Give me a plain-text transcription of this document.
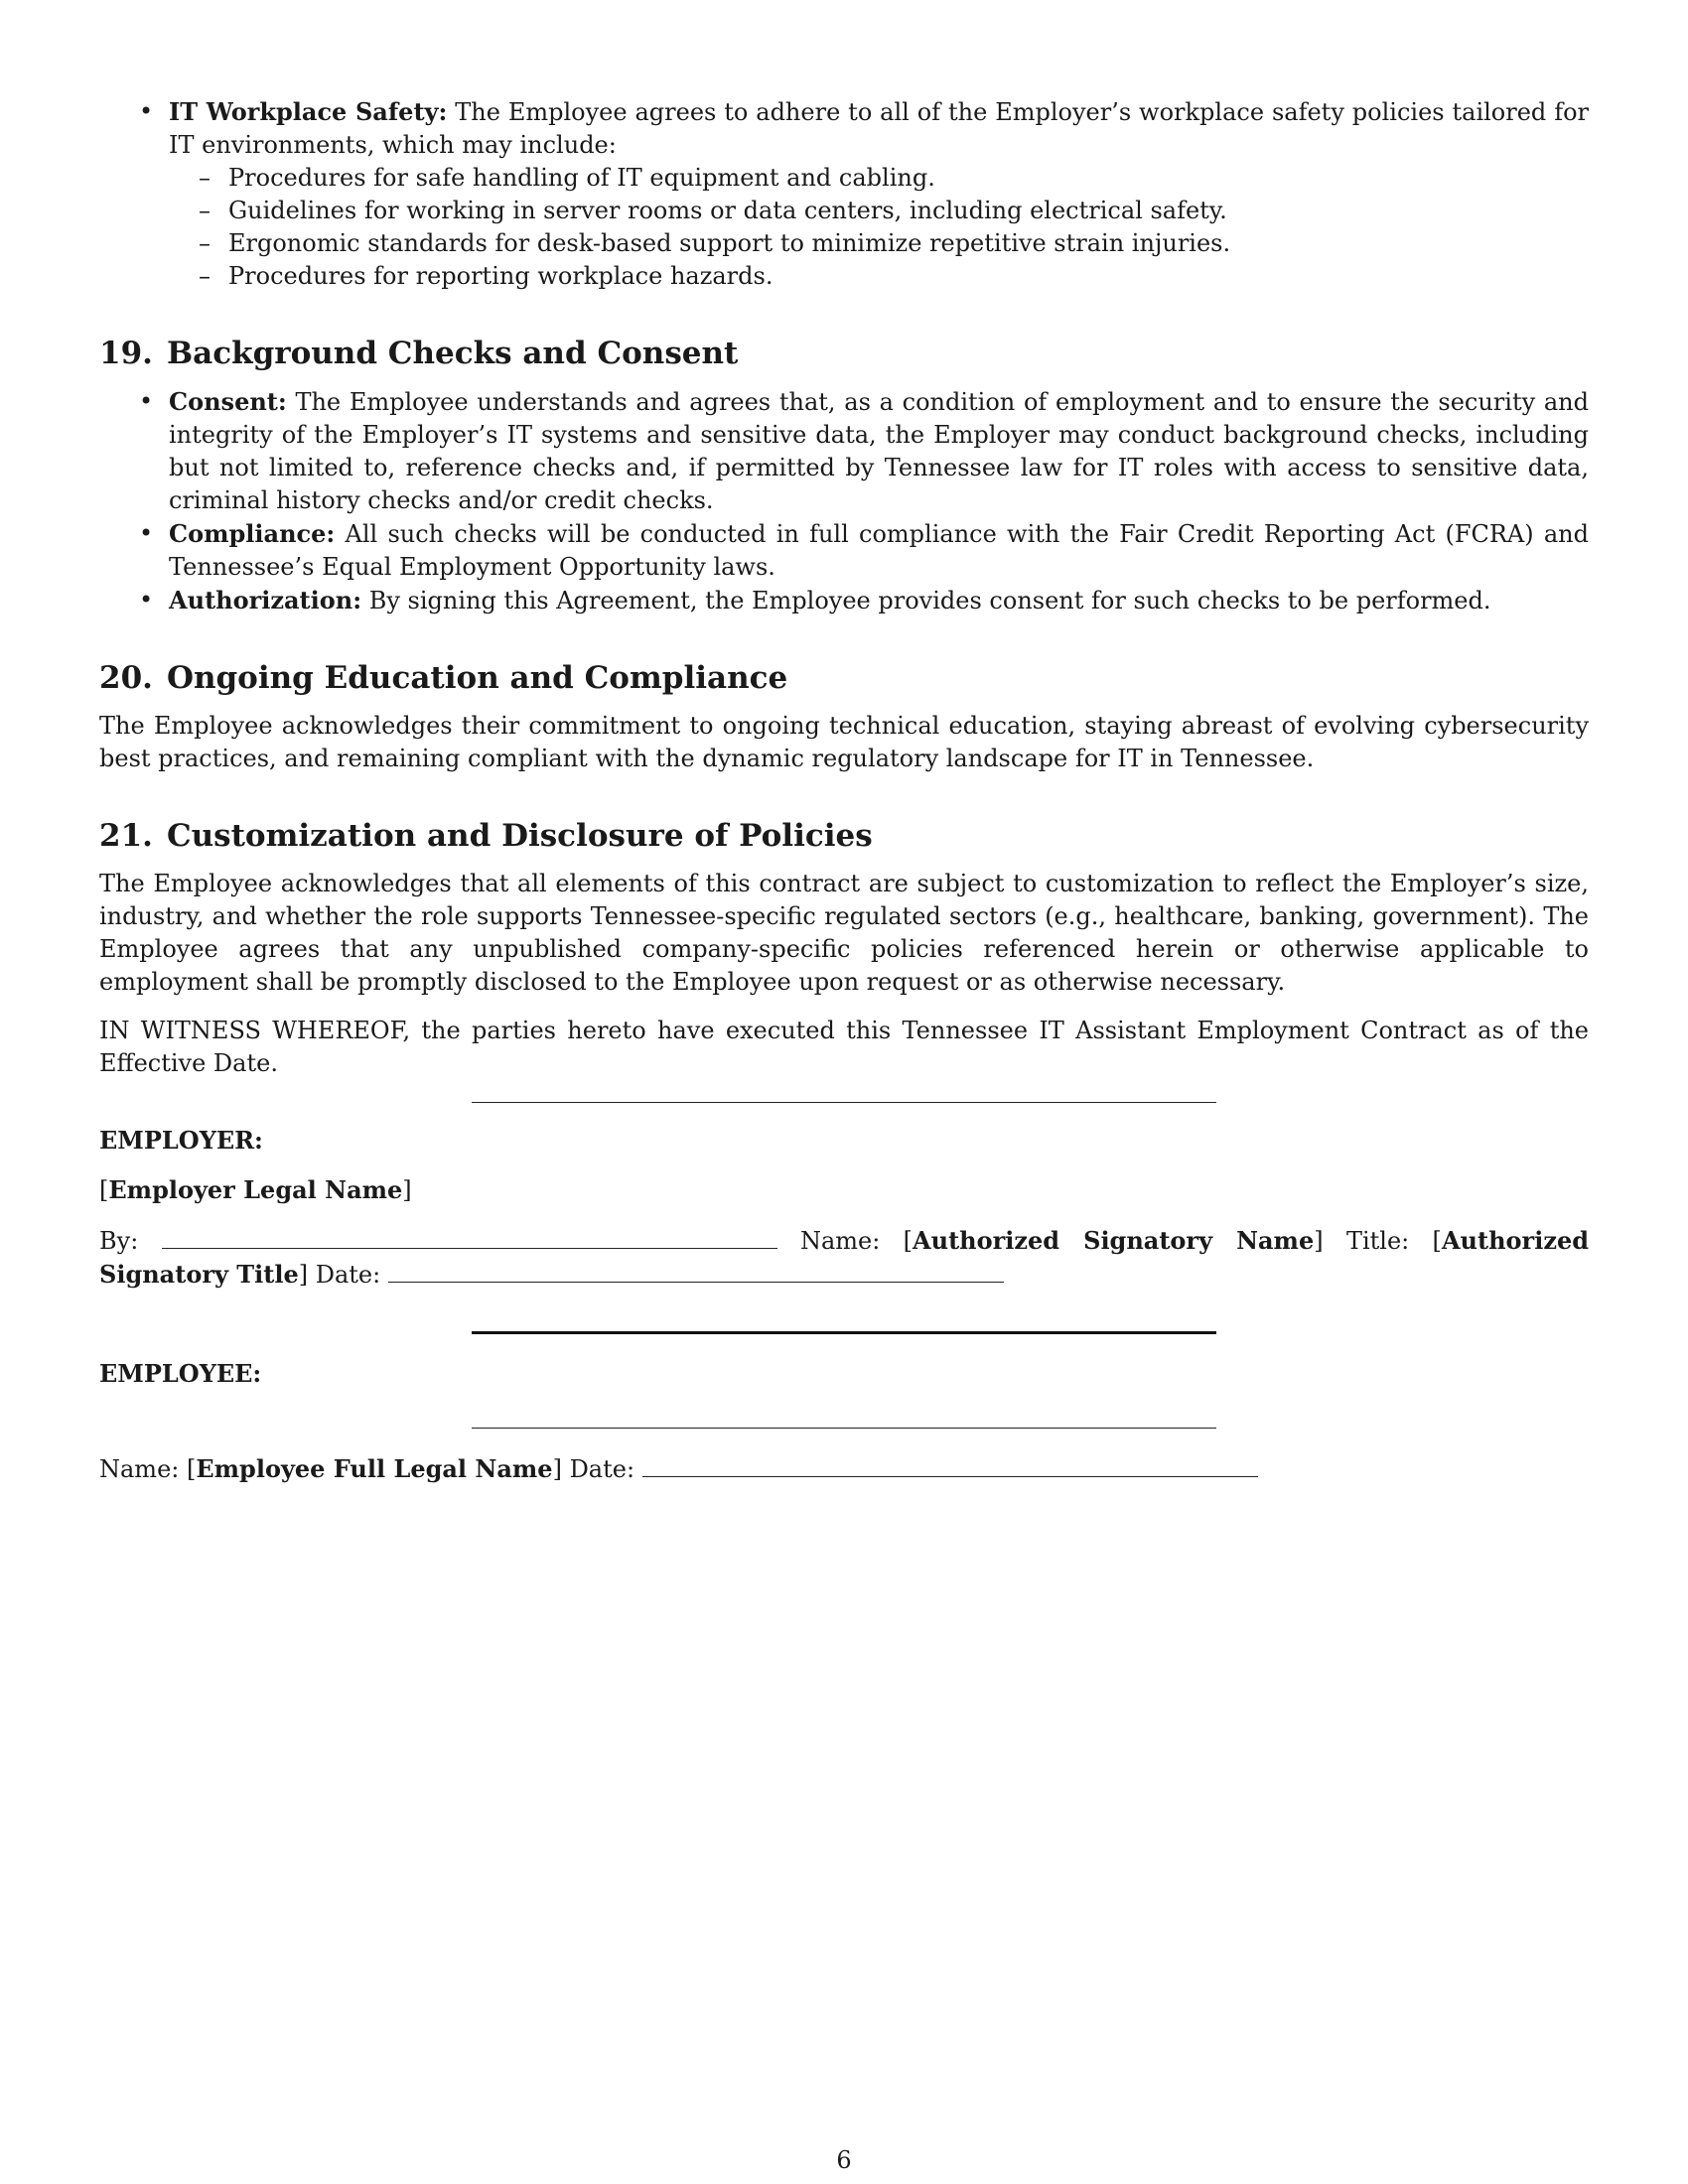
• IT Workplace Safety: The Employee agrees to adhere to all of the Employer’s workplace safety policies tailored for IT environments, which may include:
– Procedures for safe handling of IT equipment and cabling.
– Guidelines for working in server rooms or data centers, including electrical safety.
– Ergonomic standards for desk-based support to minimize repetitive strain injuries.
– Procedures for reporting workplace hazards.
19. Background Checks and Consent
• Consent: The Employee understands and agrees that, as a condition of employment and to ensure the security and integrity of the Employer’s IT systems and sensitive data, the Employer may conduct background checks, including but not limited to, reference checks and, if permitted by Tennessee law for IT roles with access to sensitive data, criminal history checks and/or credit checks.
• Compliance: All such checks will be conducted in full compliance with the Fair Credit Reporting Act (FCRA) and Tennessee’s Equal Employment Opportunity laws.
• Authorization: By signing this Agreement, the Employee provides consent for such checks to be performed.
20. Ongoing Education and Compliance

The Employee acknowledges their commitment to ongoing technical education, staying abreast of evolving cybersecurity best practices, and remaining compliant with the dynamic regulatory landscape for IT in Tennessee.

21. Customization and Disclosure of Policies

The Employee acknowledges that all elements of this contract are subject to customization to reflect the Employer’s size, industry, and whether the role supports Tennessee-specific regulated sectors (e.g., healthcare, banking, government). The Employee agrees that any unpublished company-specific policies referenced herein or otherwise applicable to employment shall be promptly disclosed to the Employee upon request or as otherwise necessary.

IN WITNESS WHEREOF, the parties hereto have executed this Tennessee IT Assistant Employment Contract as of the Effective Date.

EMPLOYER:

[Employer Legal Name]

By:	Name: [Authorized Signatory Name] Title: [Authorized Signatory Title] Date:

EMPLOYEE:

Name: [Employee Full Legal Name] Date:

6
